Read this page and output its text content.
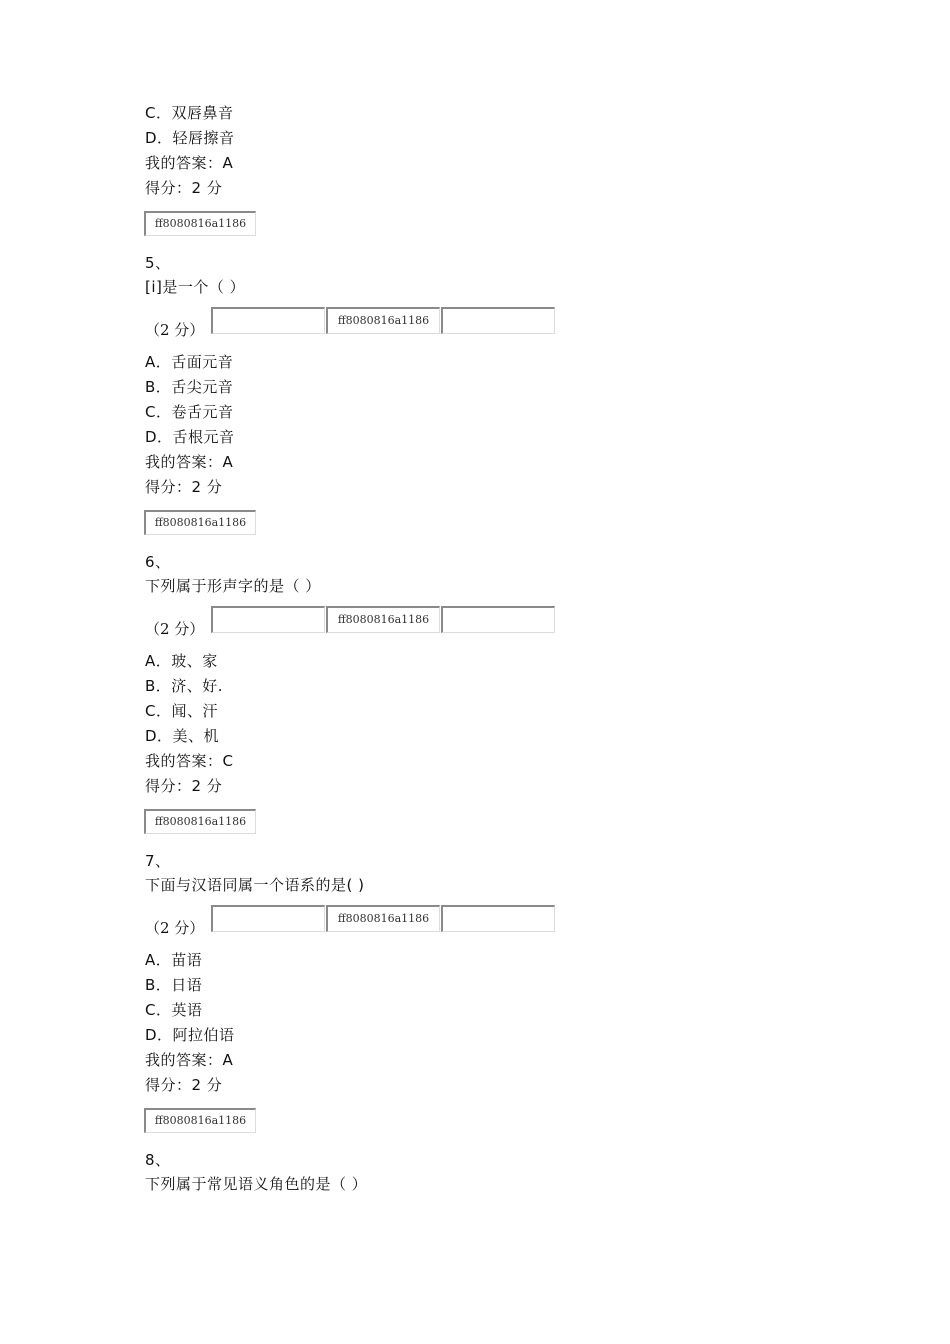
C．双唇鼻音
D．轻唇擦音
我的答案：A
得分：2 分
ff8080816a1186
5、
[i]是一个（ ）
（2 分）
ff8080816a1186
A．舌面元音
B．舌尖元音
C．卷舌元音
D．舌根元音
我的答案：A
得分：2 分
ff8080816a1186
6、
下列属于形声字的是（ ）
（2 分）
ff8080816a1186
A．玻、家
B．济、好.
C．闻、汗
D．美、机
我的答案：C
得分：2 分
ff8080816a1186
7、
下面与汉语同属一个语系的是( )
（2 分）
ff8080816a1186
A．苗语
B．日语
C．英语
D．阿拉伯语
我的答案：A
得分：2 分
ff8080816a1186
8、
下列属于常见语义角色的是（ ）
